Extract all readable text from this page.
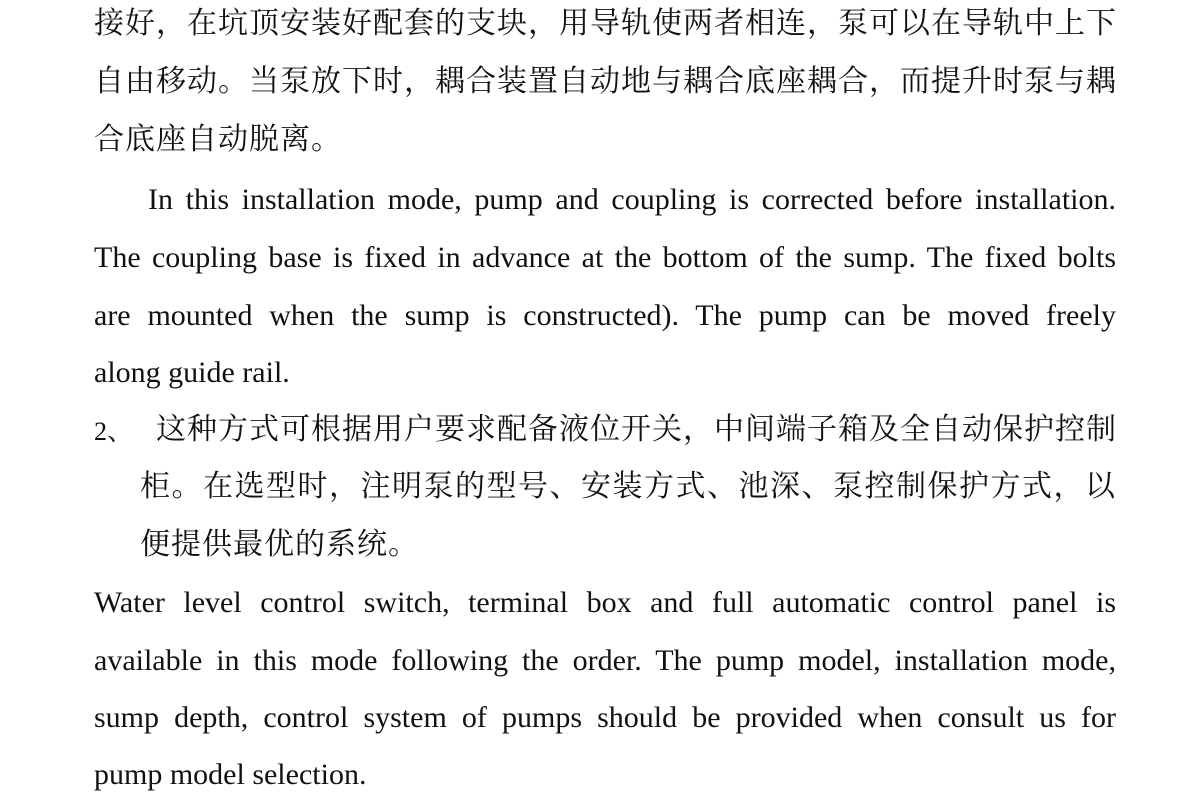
接好，在坑顶安装好配套的支块，用导轨使两者相连，泵可以在导轨中上下
自由移动。当泵放下时，耦合装置自动地与耦合底座耦合，而提升时泵与耦
合底座自动脱离。
In this installation mode, pump and coupling is corrected before installation.
The coupling base is fixed in advance at the bottom of the sump. The fixed bolts
are mounted when the sump is constructed). The pump can be moved freely
along guide rail.
2、 这种方式可根据用户要求配备液位开关，中间端子箱及全自动保护控制
柜。在选型时，注明泵的型号、安装方式、池深、泵控制保护方式，以
便提供最优的系统。
Water level control switch, terminal box and full automatic control panel is
available in this mode following the order. The pump model, installation mode,
sump depth, control system of pumps should be provided when consult us for
pump model selection.
